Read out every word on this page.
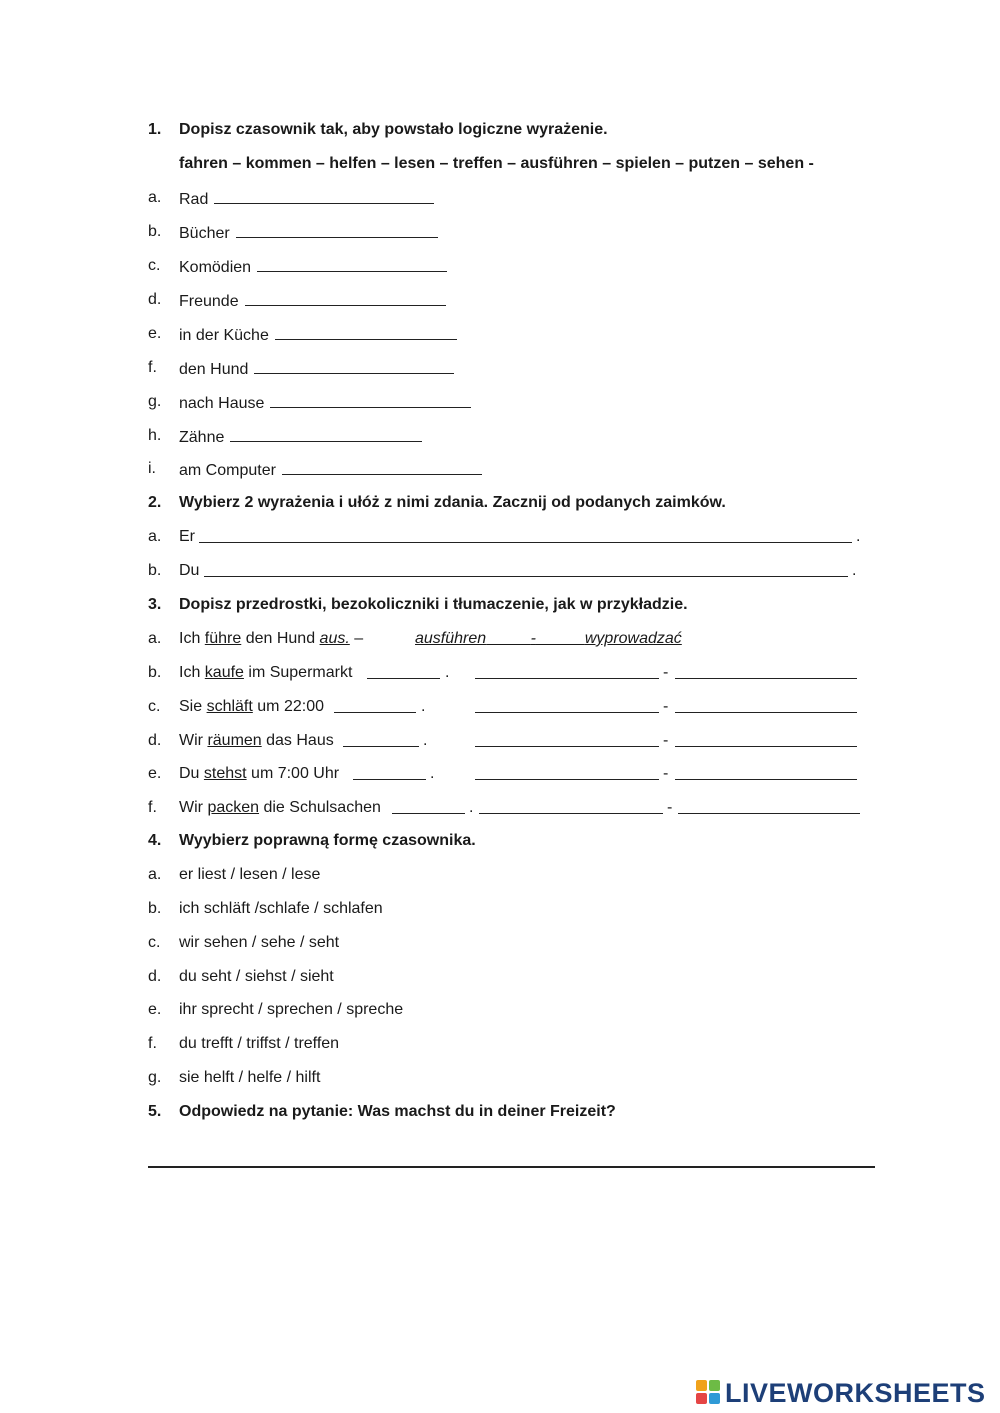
1. Dopisz czasownik tak, aby powstało logiczne wyrażenie.
fahren – kommen – helfen – lesen – treffen – ausführen – spielen – putzen – sehen -
a. Rad
b. Bücher
c. Komödien
d. Freunde
e. in der Küche
f. den Hund
g. nach Hause
h. Zähne
i. am Computer
2. Wybierz 2 wyrażenia i ułóż z nimi zdania. Zacznij od podanych zaimków.
a. Er	.
b. Du	.
3. Dopisz przedrostki, bezokoliczniki i tłumaczenie, jak w przykładzie.
a. Ich führe den Hund aus. –	ausführen	-	wyprowadzać
b. Ich kaufe im Supermarkt	.	-
c. Sie schläft um 22:00	.	-
d. Wir räumen das Haus	.	-
e. Du stehst um 7:00 Uhr	.	-
f. Wir packen die Schulsachen	.	-
4. Wyybierz poprawną formę czasownika.
a. er liest / lesen / lese
b. ich schläft /schlafe / schlafen
c. wir sehen / sehe / seht
d. du seht / siehst / sieht
e. ihr sprecht / sprechen / spreche
f. du trefft / triffst / treffen
g. sie helft / helfe / hilft
5. Odpowiedz na pytanie: Was machst du in deiner Freizeit?
LIVEWORKSHEETS
